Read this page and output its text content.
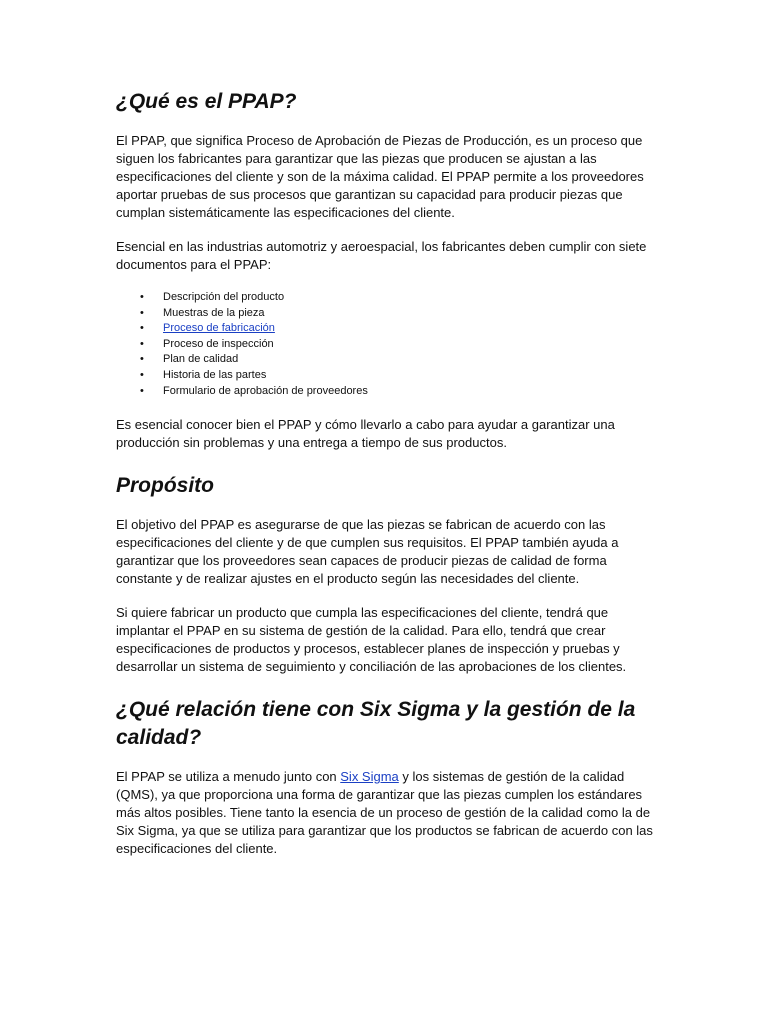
¿Qué es el PPAP?

El PPAP, que significa Proceso de Aprobación de Piezas de Producción, es un proceso que siguen los fabricantes para garantizar que las piezas que producen se ajustan a las especificaciones del cliente y son de la máxima calidad. El PPAP permite a los proveedores aportar pruebas de sus procesos que garantizan su capacidad para producir piezas que cumplan sistemáticamente las especificaciones del cliente.

Esencial en las industrias automotriz y aeroespacial, los fabricantes deben cumplir con siete documentos para el PPAP:

• Descripción del producto
• Muestras de la pieza
• Proceso de fabricación
• Proceso de inspección
• Plan de calidad
• Historia de las partes
• Formulario de aprobación de proveedores

Es esencial conocer bien el PPAP y cómo llevarlo a cabo para ayudar a garantizar una producción sin problemas y una entrega a tiempo de sus productos.

Propósito

El objetivo del PPAP es asegurarse de que las piezas se fabrican de acuerdo con las especificaciones del cliente y de que cumplen sus requisitos. El PPAP también ayuda a garantizar que los proveedores sean capaces de producir piezas de calidad de forma constante y de realizar ajustes en el producto según las necesidades del cliente.

Si quiere fabricar un producto que cumpla las especificaciones del cliente, tendrá que implantar el PPAP en su sistema de gestión de la calidad. Para ello, tendrá que crear especificaciones de productos y procesos, establecer planes de inspección y pruebas y desarrollar un sistema de seguimiento y conciliación de las aprobaciones de los clientes.

¿Qué relación tiene con Six Sigma y la gestión de la calidad?

El PPAP se utiliza a menudo junto con Six Sigma y los sistemas de gestión de la calidad (QMS), ya que proporciona una forma de garantizar que las piezas cumplen los estándares más altos posibles. Tiene tanto la esencia de un proceso de gestión de la calidad como la de Six Sigma, ya que se utiliza para garantizar que los productos se fabrican de acuerdo con las especificaciones del cliente.
